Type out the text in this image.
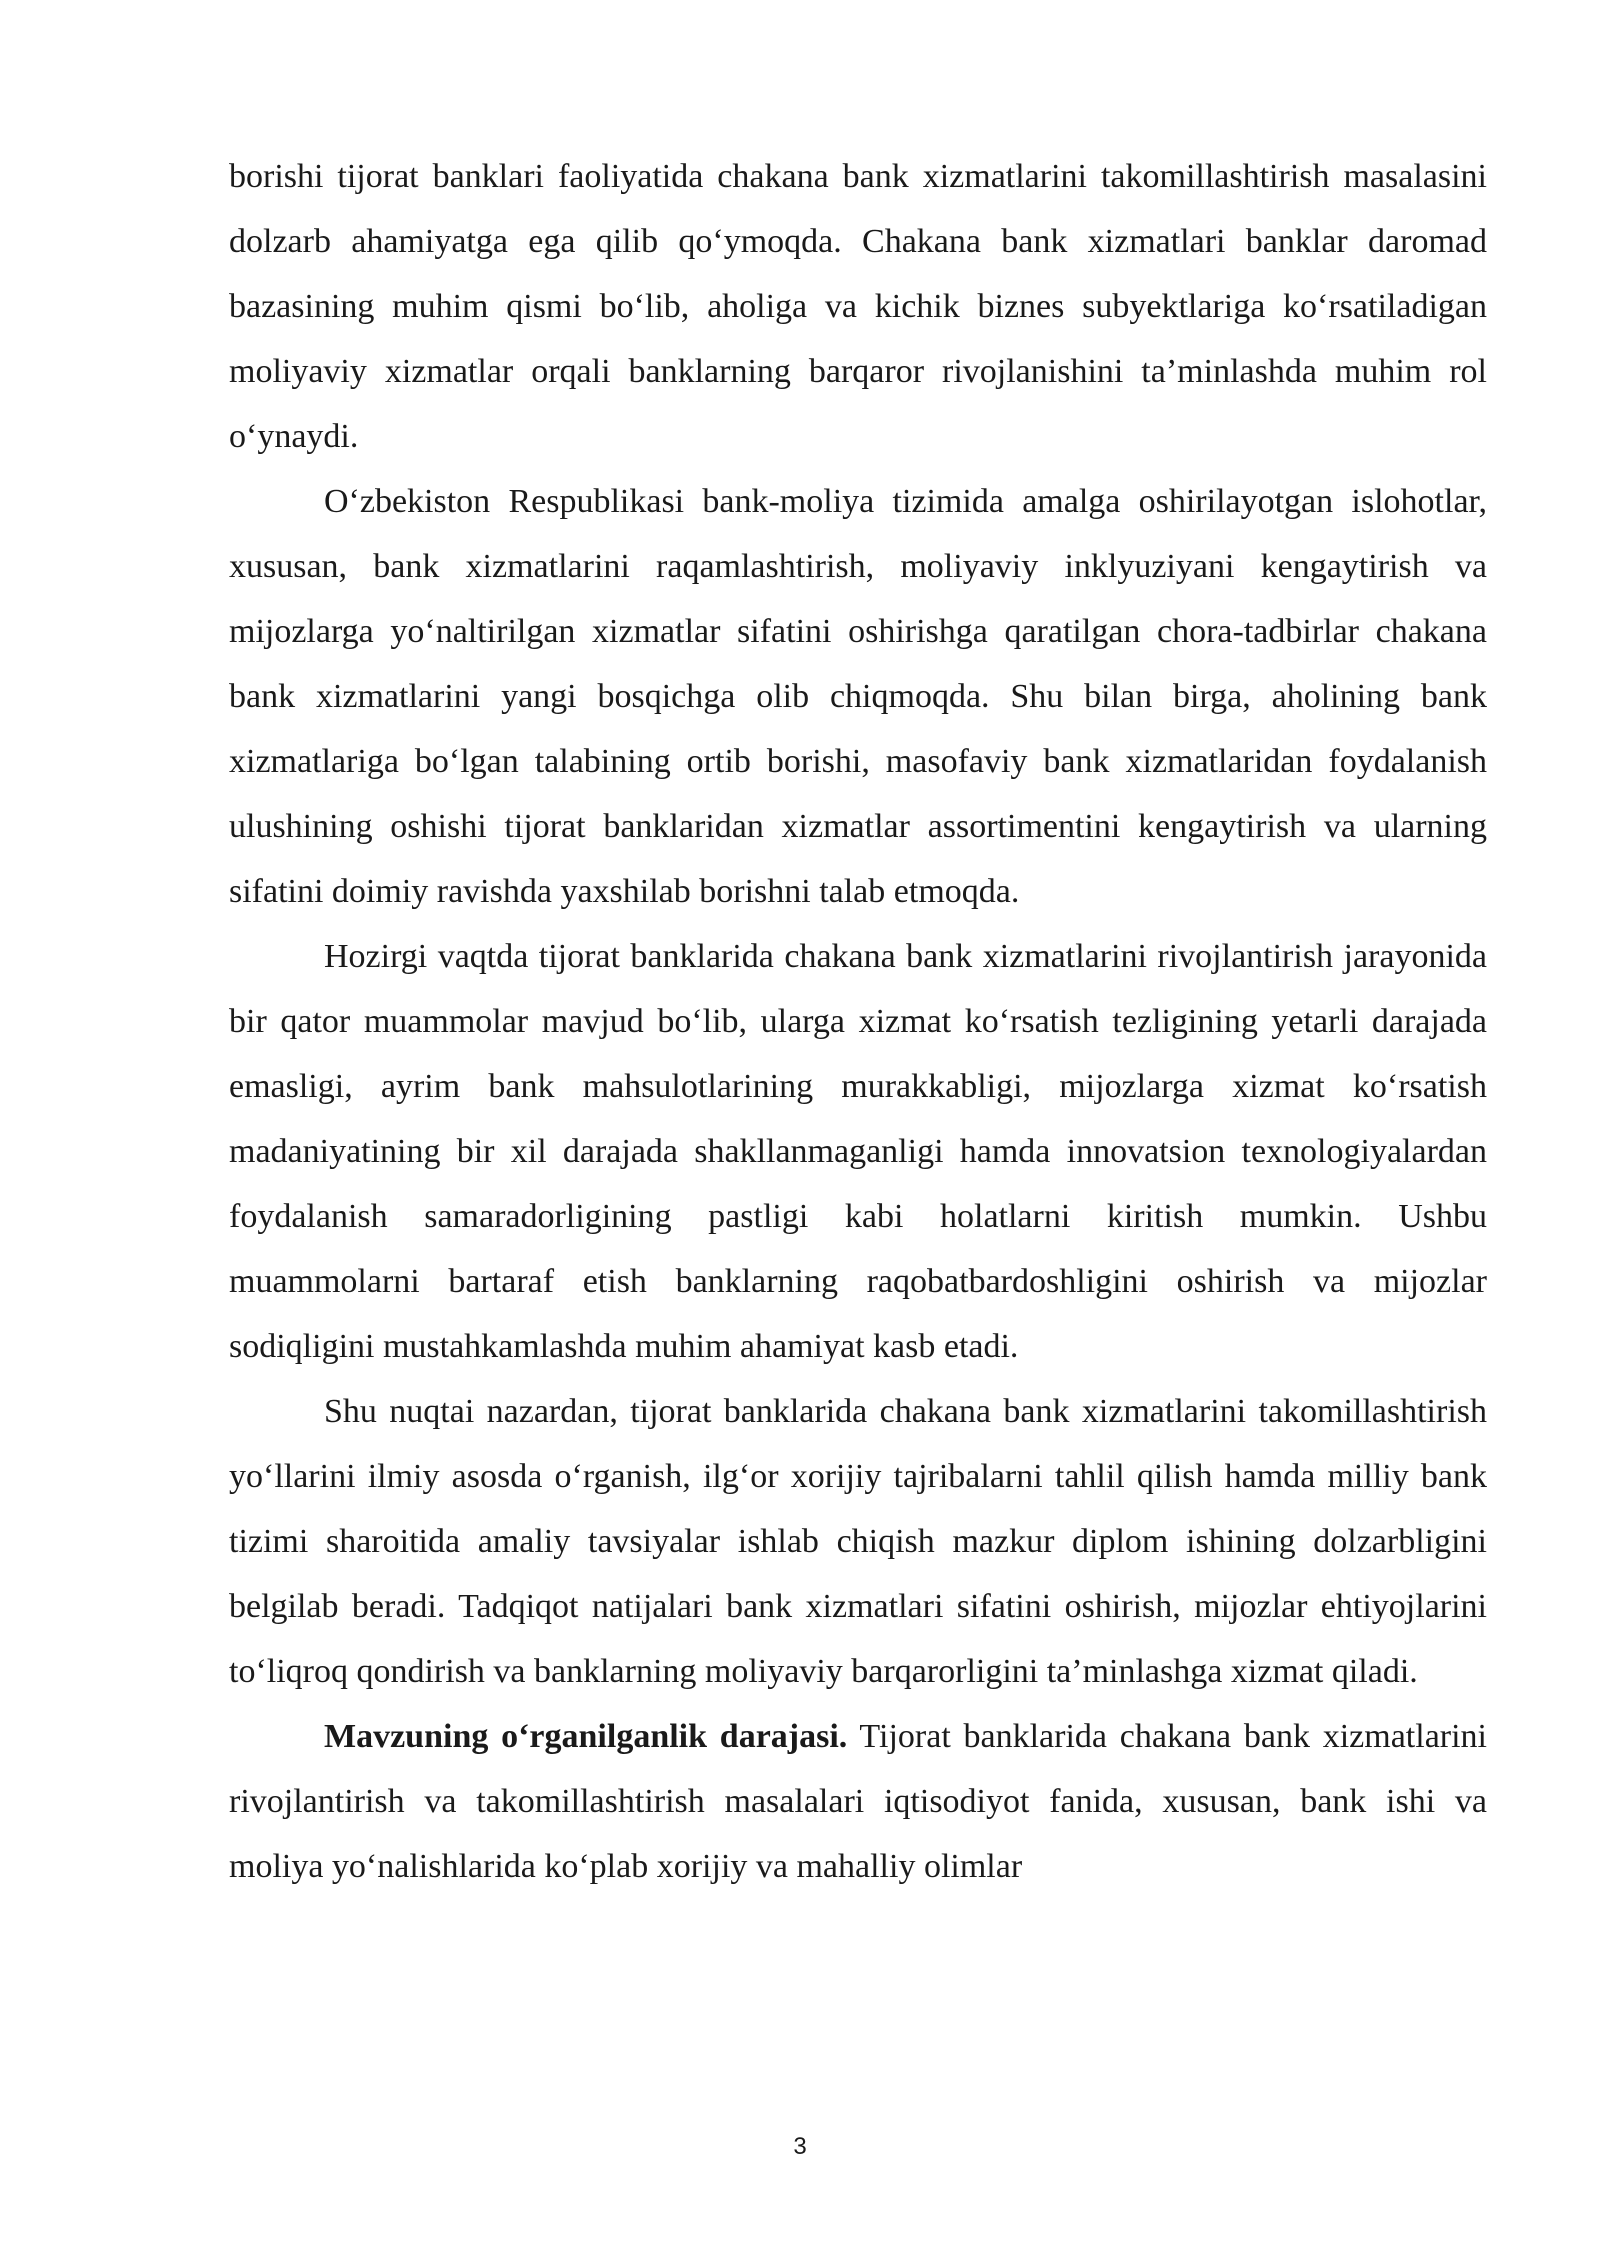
borishi tijorat banklari faoliyatida chakana bank xizmatlarini takomillashtirish masalasini dolzarb ahamiyatga ega qilib qo‘ymoqda. Chakana bank xizmatlari banklar daromad bazasining muhim qismi bo‘lib, aholiga va kichik biznes subyektlariga ko‘rsatiladigan moliyaviy xizmatlar orqali banklarning barqaror rivojlanishini ta’minlashda muhim rol o‘ynaydi.

O‘zbekiston Respublikasi bank-moliya tizimida amalga oshirilayotgan islohotlar, xususan, bank xizmatlarini raqamlashtirish, moliyaviy inklyuziyani kengaytirish va mijozlarga yo‘naltirilgan xizmatlar sifatini oshirishga qaratilgan chora-tadbirlar chakana bank xizmatlarini yangi bosqichga olib chiqmoqda. Shu bilan birga, aholining bank xizmatlariga bo‘lgan talabining ortib borishi, masofaviy bank xizmatlaridan foydalanish ulushining oshishi tijorat banklaridan xizmatlar assortimentini kengaytirish va ularning sifatini doimiy ravishda yaxshilab borishni talab etmoqda.

Hozirgi vaqtda tijorat banklarida chakana bank xizmatlarini rivojlantirish jarayonida bir qator muammolar mavjud bo‘lib, ularga xizmat ko‘rsatish tezligining yetarli darajada emasligi, ayrim bank mahsulotlarining murakkabligi, mijozlarga xizmat ko‘rsatish madaniyatining bir xil darajada shakllanmaganligi hamda innovatsion texnologiyalardan foydalanish samaradorligining pastligi kabi holatlarni kiritish mumkin. Ushbu muammolarni bartaraf etish banklarning raqobatbardoshligini oshirish va mijozlar sodiqligini mustahkamlashda muhim ahamiyat kasb etadi.

Shu nuqtai nazardan, tijorat banklarida chakana bank xizmatlarini takomillashtirish yo‘llarini ilmiy asosda o‘rganish, ilg‘or xorijiy tajribalarni tahlil qilish hamda milliy bank tizimi sharoitida amaliy tavsiyalar ishlab chiqish mazkur diplom ishining dolzarbligini belgilab beradi. Tadqiqot natijalari bank xizmatlari sifatini oshirish, mijozlar ehtiyojlarini to‘liqroq qondirish va banklarning moliyaviy barqarorligini ta’minlashga xizmat qiladi.

Mavzuning o‘rganilganlik darajasi. Tijorat banklarida chakana bank xizmatlarini rivojlantirish va takomillashtirish masalalari iqtisodiyot fanida, xususan, bank ishi va moliya yo‘nalishlarida ko‘plab xorijiy va mahalliy olimlar

3
